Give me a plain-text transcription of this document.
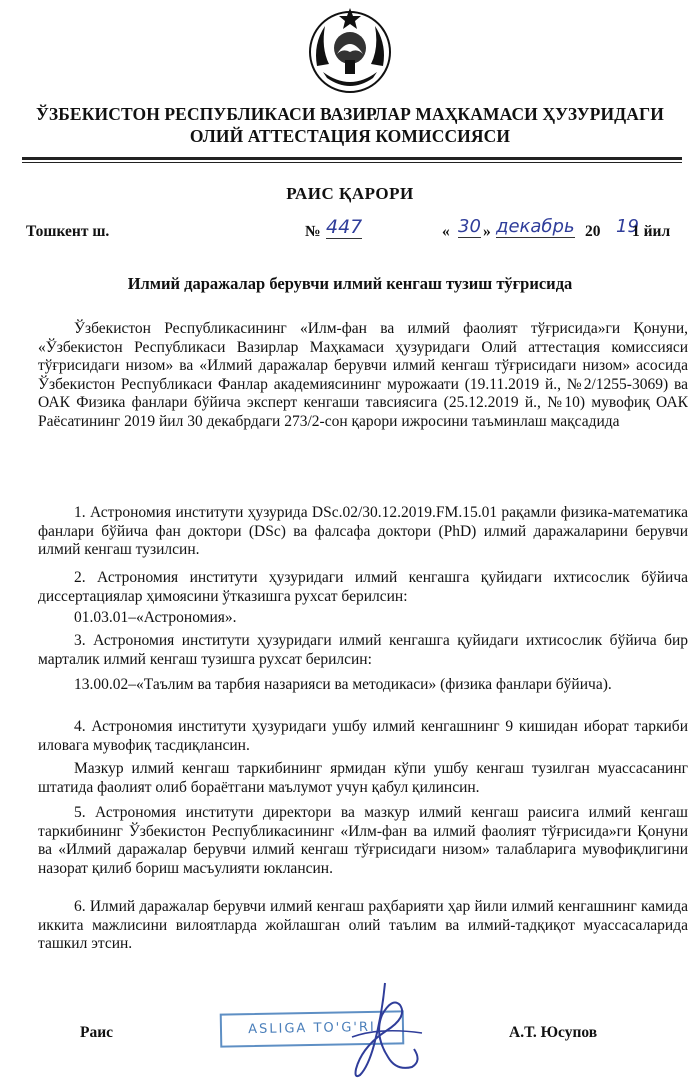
ЎЗБЕКИСТОН РЕСПУБЛИКАСИ ВАЗИРЛАР МАҲКАМАСИ ҲУЗУРИДАГИ
ОЛИЙ АТТЕСТАЦИЯ КОМИССИЯСИ
РАИС ҚАРОРИ
Тошкент ш.	№ 447	« 30 » декабрь 20 19
1 йил
Илмий даражалар берувчи илмий кенгаш тузиш тўғрисида
Ўзбекистон Республикасининг «Илм-фан ва илмий фаолият тўғрисида»ги Қонуни, «Ўзбекистон Республикаси Вазирлар Маҳкамаси ҳузуридаги Олий аттестация комиссияси тўғрисидаги низом» ва «Илмий даражалар берувчи илмий кенгаш тўғрисидаги низом» асосида Ўзбекистон Республикаси Фанлар академиясининг мурожаати (19.11.2019 й., №2/1255-3069) ва ОАК Физика фанлари бўйича эксперт кенгаши тавсиясига (25.12.2019 й., №10) мувофиқ ОАК Раёсатининг 2019 йил 30 декабрдаги 273/2-сон қарори ижросини таъминлаш мақсадида
1. Астрономия институти ҳузурида DSc.02/30.12.2019.FM.15.01 рақамли физика-математика фанлари бўйича фан доктори (DSc) ва фалсафа доктори (PhD) илмий даражаларини берувчи илмий кенгаш тузилсин.
2. Астрономия институти ҳузуридаги илмий кенгашга қуйидаги ихтисослик бўйича диссертациялар ҳимоясини ўтказишга рухсат берилсин:
01.03.01–«Астрономия».
3. Астрономия институти ҳузуридаги илмий кенгашга қуйидаги ихтисослик бўйича бир марталик илмий кенгаш тузишга рухсат берилсин:
13.00.02–«Таълим ва тарбия назарияси ва методикаси» (физика фанлари бўйича).
4. Астрономия институти ҳузуридаги ушбу илмий кенгашнинг 9 кишидан иборат таркиби иловага мувофиқ тасдиқлансин.
Мазкур илмий кенгаш таркибининг ярмидан кўпи ушбу кенгаш тузилган муассасанинг штатида фаолият олиб бораётгани маълумот учун қабул қилинсин.
5. Астрономия институти директори ва мазкур илмий кенгаш раисига илмий кенгаш таркибининг Ўзбекистон Республикасининг «Илм-фан ва илмий фаолият тўғрисида»ги Қонуни ва «Илмий даражалар берувчи илмий кенгаш тўғрисидаги низом» талабларига мувофиқлигини назорат қилиб бориш масъулияти юклансин.
6. Илмий даражалар берувчи илмий кенгаш раҳбарияти ҳар йили илмий кенгашнинг камида иккита мажлисини вилоятларда жойлашган олий таълим ва илмий-тадқиқот муассасаларида ташкил этсин.
Раис	ASLIGA TO'G'RI	А.Т. Юсупов
